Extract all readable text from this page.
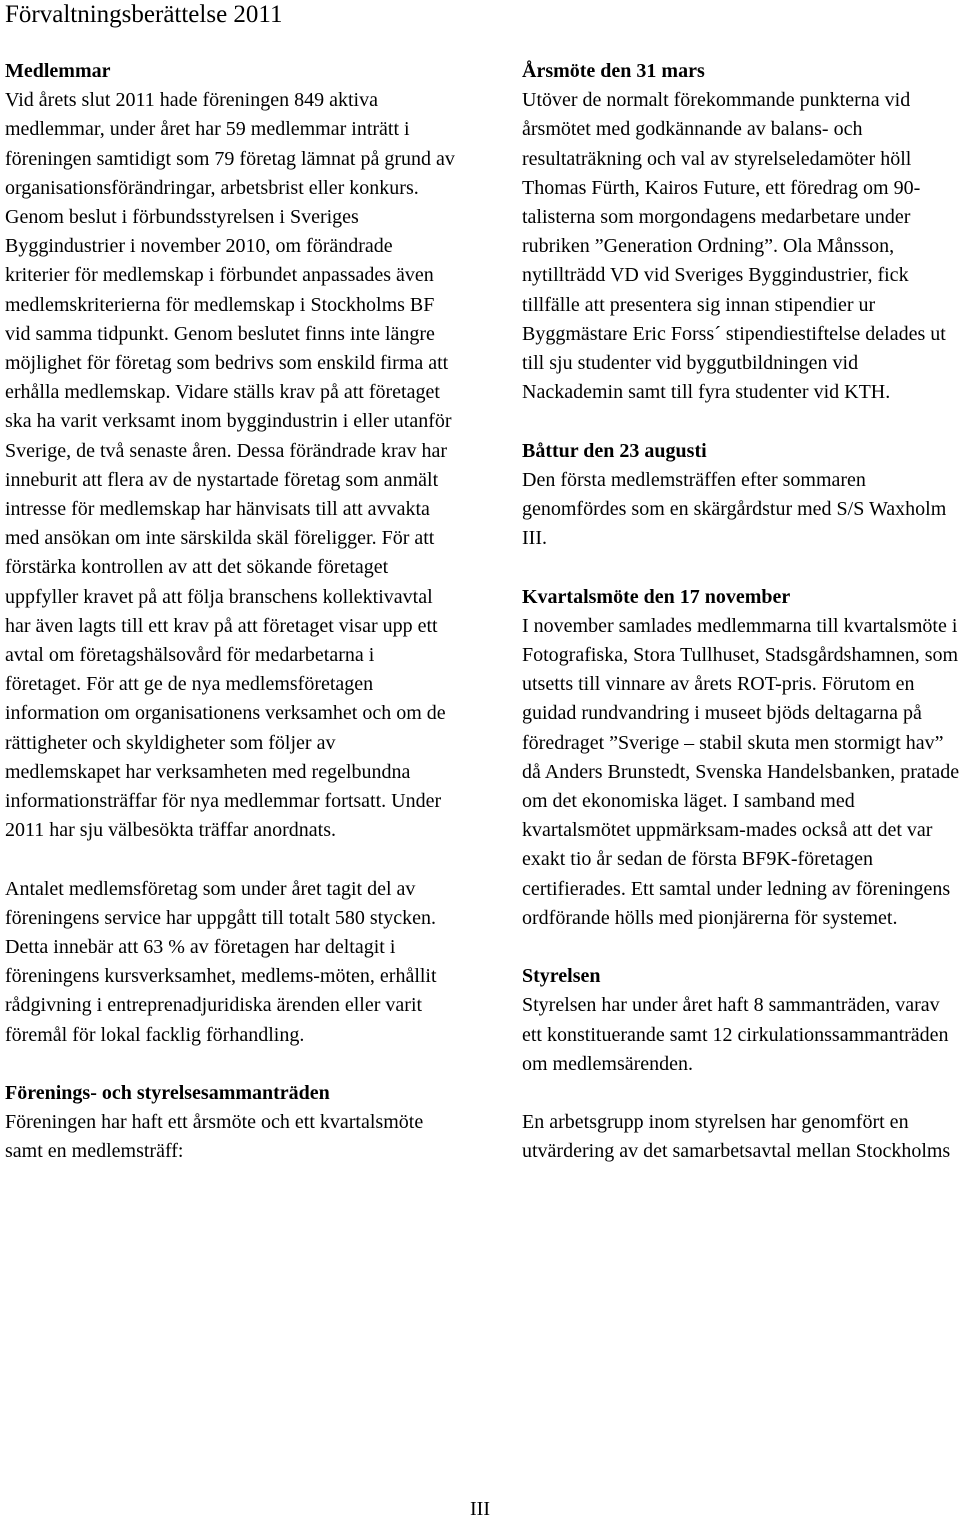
Förvaltningsberättelse 2011
Medlemmar

Vid årets slut 2011 hade föreningen 849 aktiva medlemmar, under året har 59 medlemmar inträtt i föreningen samtidigt som 79 företag lämnat på grund av organisationsförändringar, arbetsbrist eller konkurs. Genom beslut i förbundsstyrelsen i Sveriges Byggindustrier i november 2010, om förändrade kriterier för medlemskap i förbundet anpassades även medlemskriterierna för medlemskap i Stockholms BF vid samma tidpunkt. Genom beslutet finns inte längre möjlighet för företag som bedrivs som enskild firma att erhålla medlemskap. Vidare ställs krav på att företaget ska ha varit verksamt inom byggindustrin i eller utanför Sverige, de två senaste åren. Dessa förändrade krav har inneburit att flera av de nystartade företag som anmält intresse för medlemskap har hänvisats till att avvakta med ansökan om inte särskilda skäl föreligger. För att förstärka kontrollen av att det sökande företaget uppfyller kravet på att följa branschens kollektivavtal har även lagts till ett krav på att företaget visar upp ett avtal om företagshälsovård för medarbetarna i företaget. För att ge de nya medlemsföretagen information om organisationens verksamhet och om de rättigheter och skyldigheter som följer av medlemskapet har verksamheten med regelbundna informationsträffar för nya medlemmar fortsatt. Under 2011 har sju välbesökta träffar anordnats.

Antalet medlemsföretag som under året tagit del av föreningens service har uppgått till totalt 580 stycken. Detta innebär att 63 % av företagen har deltagit i föreningens kursverksamhet, medlems-möten, erhållit rådgivning i entreprenadjuridiska ärenden eller varit föremål för lokal facklig förhandling.

Förenings- och styrelsesammanträden

Föreningen har haft ett årsmöte och ett kvartalsmöte samt en medlemsträff:

Årsmöte den 31 mars

Utöver de normalt förekommande punkterna vid årsmötet med godkännande av balans- och resultaträkning och val av styrelseledamöter höll Thomas Fürth, Kairos Future, ett föredrag om 90-talisterna som morgondagens medarbetare under rubriken ”Generation Ordning”. Ola Månsson, nytillträdd VD vid Sveriges Byggindustrier, fick tillfälle att presentera sig innan stipendier ur Byggmästare Eric Forss´ stipendiestiftelse delades ut till sju studenter vid byggutbildningen vid Nackademin samt till fyra studenter vid KTH.

Båttur den 23 augusti

Den första medlemsträffen efter sommaren genomfördes som en skärgårdstur med S/S Waxholm III.

Kvartalsmöte den 17 november

I november samlades medlemmarna till kvartalsmöte i Fotografiska, Stora Tullhuset, Stadsgårdshamnen, som utsetts till vinnare av årets ROT-pris. Förutom en guidad rundvandring i museet bjöds deltagarna på föredraget ”Sverige – stabil skuta men stormigt hav” då Anders Brunstedt, Svenska Handelsbanken, pratade om det ekonomiska läget. I samband med kvartalsmötet uppmärksam-mades också att det var exakt tio år sedan de första BF9K-företagen certifierades. Ett samtal under ledning av föreningens ordförande hölls med pionjärerna för systemet.

Styrelsen

Styrelsen har under året haft 8 sammanträden, varav ett konstituerande samt 12 cirkulationssammanträden om medlemsärenden.

En arbetsgrupp inom styrelsen har genomfört en utvärdering av det samarbetsavtal mellan Stockholms

III
